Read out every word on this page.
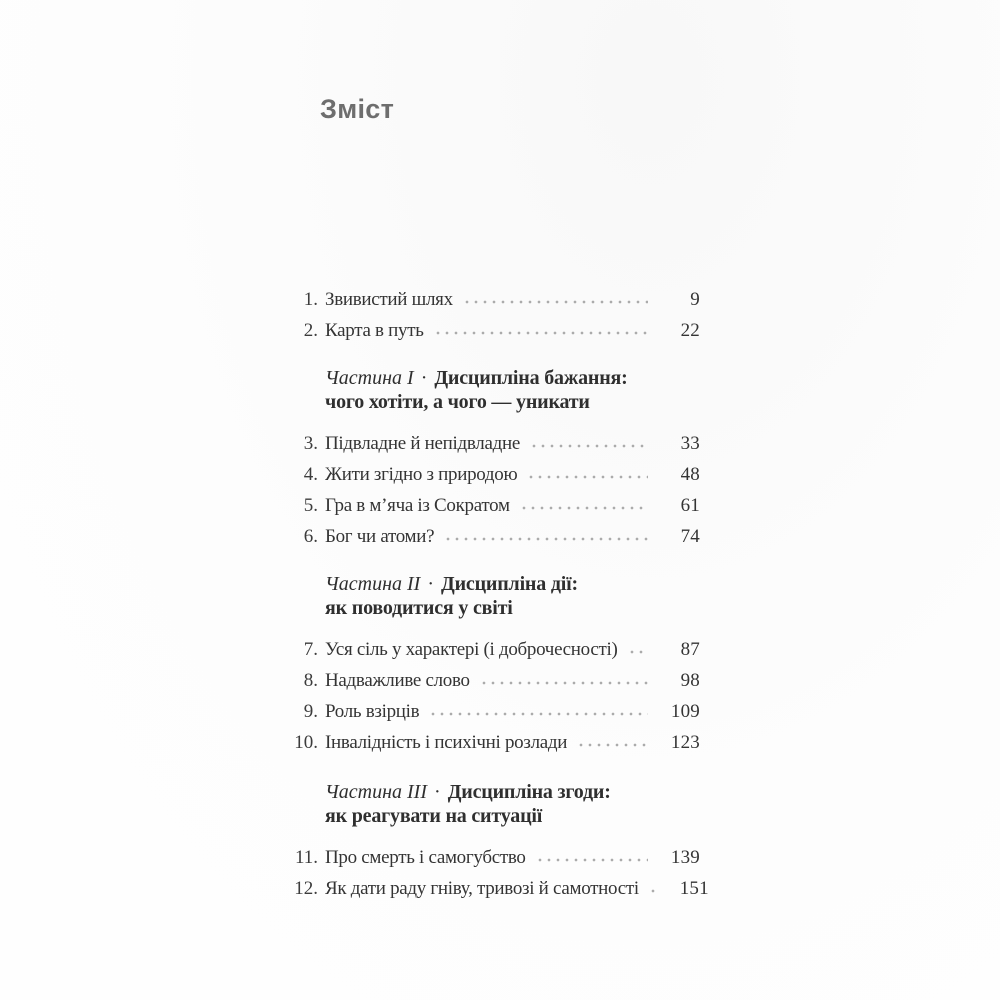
Зміст
1. Звивистий шлях	9
2. Карта в путь	22
Частина I · Дисципліна бажання:
чого хотіти, а чого — уникати
3. Підвладне й непідвладне	33
4. Жити згідно з природою	48
5. Гра в м’яча із Сократом	61
6. Бог чи атоми?	74
Частина II · Дисципліна дії:
як поводитися у світі
7. Уся сіль у характері (і доброчесності)	87
8. Надважливе слово	98
9. Роль взірців	109
10. Інвалідність і психічні розлади	123
Частина III · Дисципліна згоди:
як реагувати на ситуації
11. Про смерть і самогубство	139
12. Як дати раду гніву, тривозі й самотності 151
